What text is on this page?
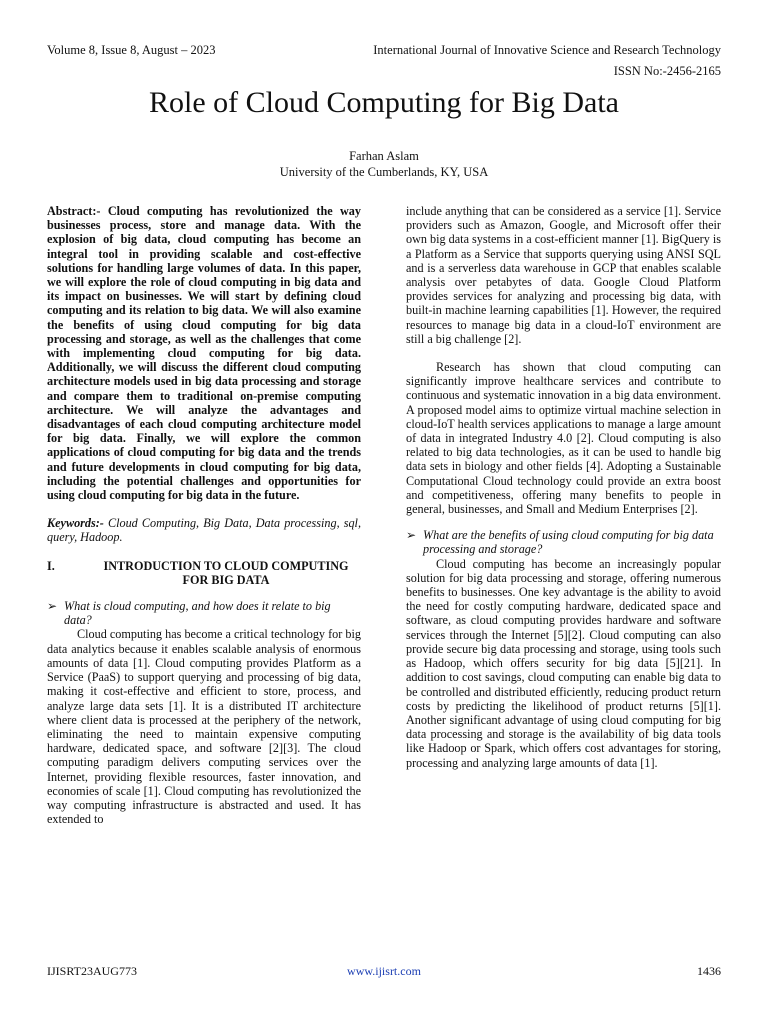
Volume 8, Issue 8, August – 2023	International Journal of Innovative Science and Research Technology
ISSN No:-2456-2165
Role of Cloud Computing for Big Data
Farhan Aslam
University of the Cumberlands, KY, USA

Abstract:- Cloud computing has revolutionized the way businesses process, store and manage data. With the explosion of big data, cloud computing has become an integral tool in providing scalable and cost-effective solutions for handling large volumes of data. In this paper, we will explore the role of cloud computing in big data and its impact on businesses. We will start by defining cloud computing and its relation to big data. We will also examine the benefits of using cloud computing for big data processing and storage, as well as the challenges that come with implementing cloud computing for big data. Additionally, we will discuss the different cloud computing architecture models used in big data processing and storage and compare them to traditional on-premise computing architecture. We will analyze the advantages and disadvantages of each cloud computing architecture model for big data. Finally, we will explore the common applications of cloud computing for big data and the trends and future developments in cloud computing for big data, including the potential challenges and opportunities for using cloud computing for big data in the future.

Keywords:- Cloud Computing, Big Data, Data processing, sql, query, Hadoop.

I.	INTRODUCTION TO CLOUD COMPUTING FOR BIG DATA
➢ What is cloud computing, and how does it relate to big data?

Cloud computing has become a critical technology for big data analytics because it enables scalable analysis of enormous amounts of data [1]. Cloud computing provides Platform as a Service (PaaS) to support querying and processing of big data, making it cost-effective and efficient to store, process, and analyze large data sets [1]. It is a distributed IT architecture where client data is processed at the periphery of the network, eliminating the need to maintain expensive computing hardware, dedicated space, and software [2][3]. The cloud computing paradigm delivers computing services over the Internet, providing flexible resources, faster innovation, and economies of scale [1]. Cloud computing has revolutionized the way computing infrastructure is abstracted and used. It has extended to

include anything that can be considered as a service [1]. Service providers such as Amazon, Google, and Microsoft offer their own big data systems in a cost-efficient manner [1]. BigQuery is a Platform as a Service that supports querying using ANSI SQL and is a serverless data warehouse in GCP that enables scalable analysis over petabytes of data. Google Cloud Platform provides services for analyzing and processing big data, with built-in machine learning capabilities [1]. However, the required resources to manage big data in a cloud-IoT environment are still a big challenge [2].

Research has shown that cloud computing can significantly improve healthcare services and contribute to continuous and systematic innovation in a big data environment. A proposed model aims to optimize virtual machine selection in cloud-IoT health services applications to manage a large amount of data in integrated Industry 4.0 [2]. Cloud computing is also related to big data technologies, as it can be used to handle big data sets in biology and other fields [4]. Adopting a Sustainable Computational Cloud technology could provide an extra boost and competitiveness, offering many benefits to people in general, businesses, and Small and Medium Enterprises [2].

➢ What are the benefits of using cloud computing for big data processing and storage?

Cloud computing has become an increasingly popular solution for big data processing and storage, offering numerous benefits to businesses. One key advantage is the ability to avoid the need for costly computing hardware, dedicated space and software, as cloud computing provides hardware and software services through the Internet [5][2]. Cloud computing can also provide secure big data processing and storage, using tools such as Hadoop, which offers security for big data [5][21]. In addition to cost savings, cloud computing can enable big data to be controlled and distributed efficiently, reducing product return costs by predicting the likelihood of product returns [5][1]. Another significant advantage of using cloud computing for big data processing and storage is the availability of big data tools like Hadoop or Spark, which offers cost advantages for storing, processing and analyzing large amounts of data [1].

IJISRT23AUG773	www.ijisrt.com	1436
